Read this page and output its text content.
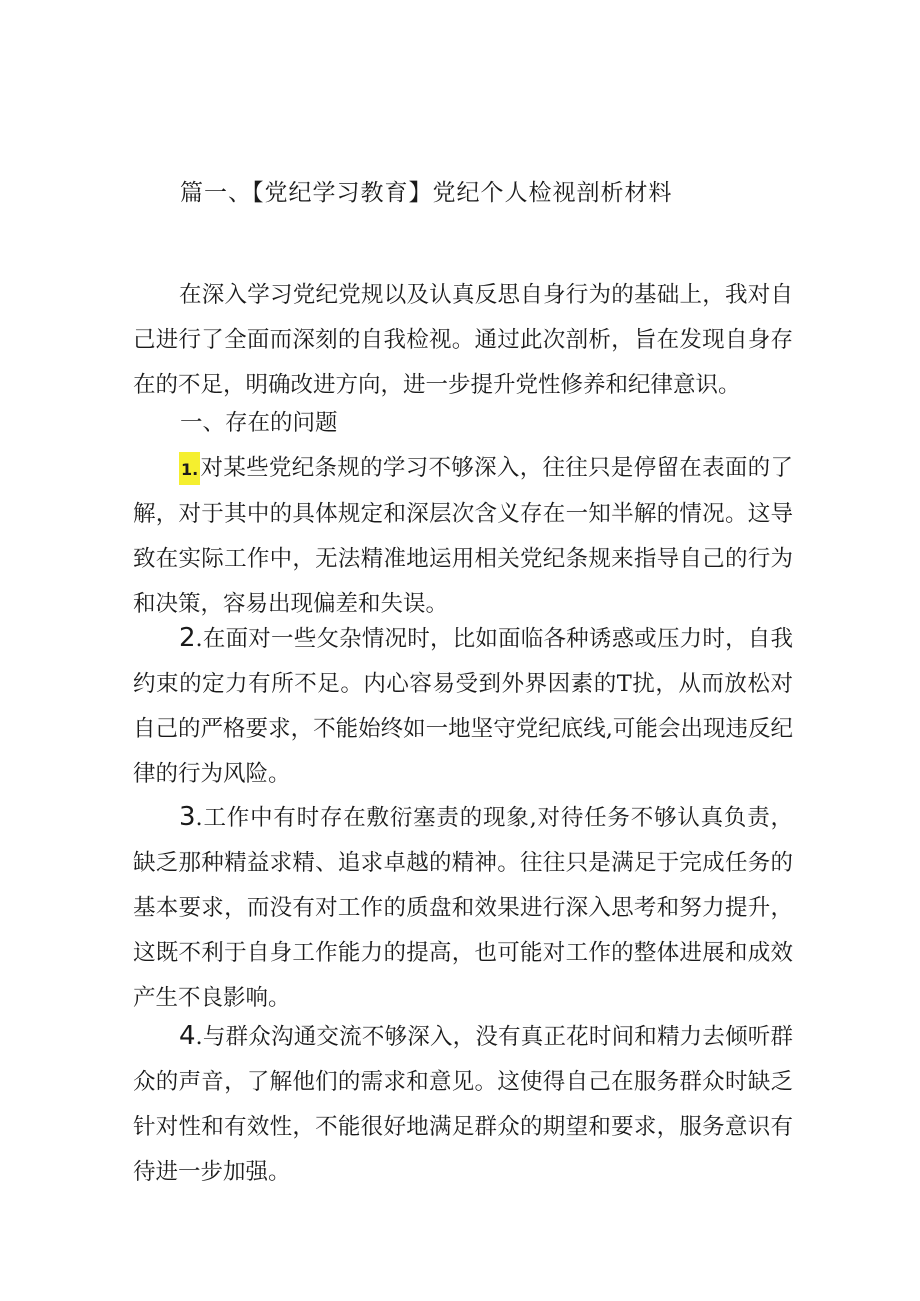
篇一、【党纪学习教育】党纪个人检视剖析材料

在深入学习党纪党规以及认真反思自身行为的基础上，我对自己进行了全面而深刻的自我检视。通过此次剖析，旨在发现自身存在的不足，明确改进方向，进一步提升党性修养和纪律意识。

一、存在的问题

1.对某些党纪条规的学习不够深入，往往只是停留在表面的了解，对于其中的具体规定和深层次含义存在一知半解的情况。这导致在实际工作中，无法精准地运用相关党纪条规来指导自己的行为和决策，容易出现偏差和失误。

2.在面对一些攵杂情况时，比如面临各种诱惑或压力时，自我约束的定力有所不足。内心容易受到外界因素的T扰，从而放松对自己的严格要求，不能始终如一地坚守党纪底线,可能会出现违反纪律的行为风险。

3.工作中有时存在敷衍塞责的现象,对待任务不够认真负责，缺乏那种精益求精、追求卓越的精神。往往只是满足于完成任务的基本要求，而没有对工作的质盘和效果进行深入思考和努力提升，这既不利于自身工作能力的提高，也可能对工作的整体进展和成效产生不良影响。

4.与群众沟通交流不够深入，没有真正花时间和精力去倾听群众的声音，了解他们的需求和意见。这使得自己在服务群众时缺乏针对性和有效性，不能很好地满足群众的期望和要求，服务意识有待进一步加强。
